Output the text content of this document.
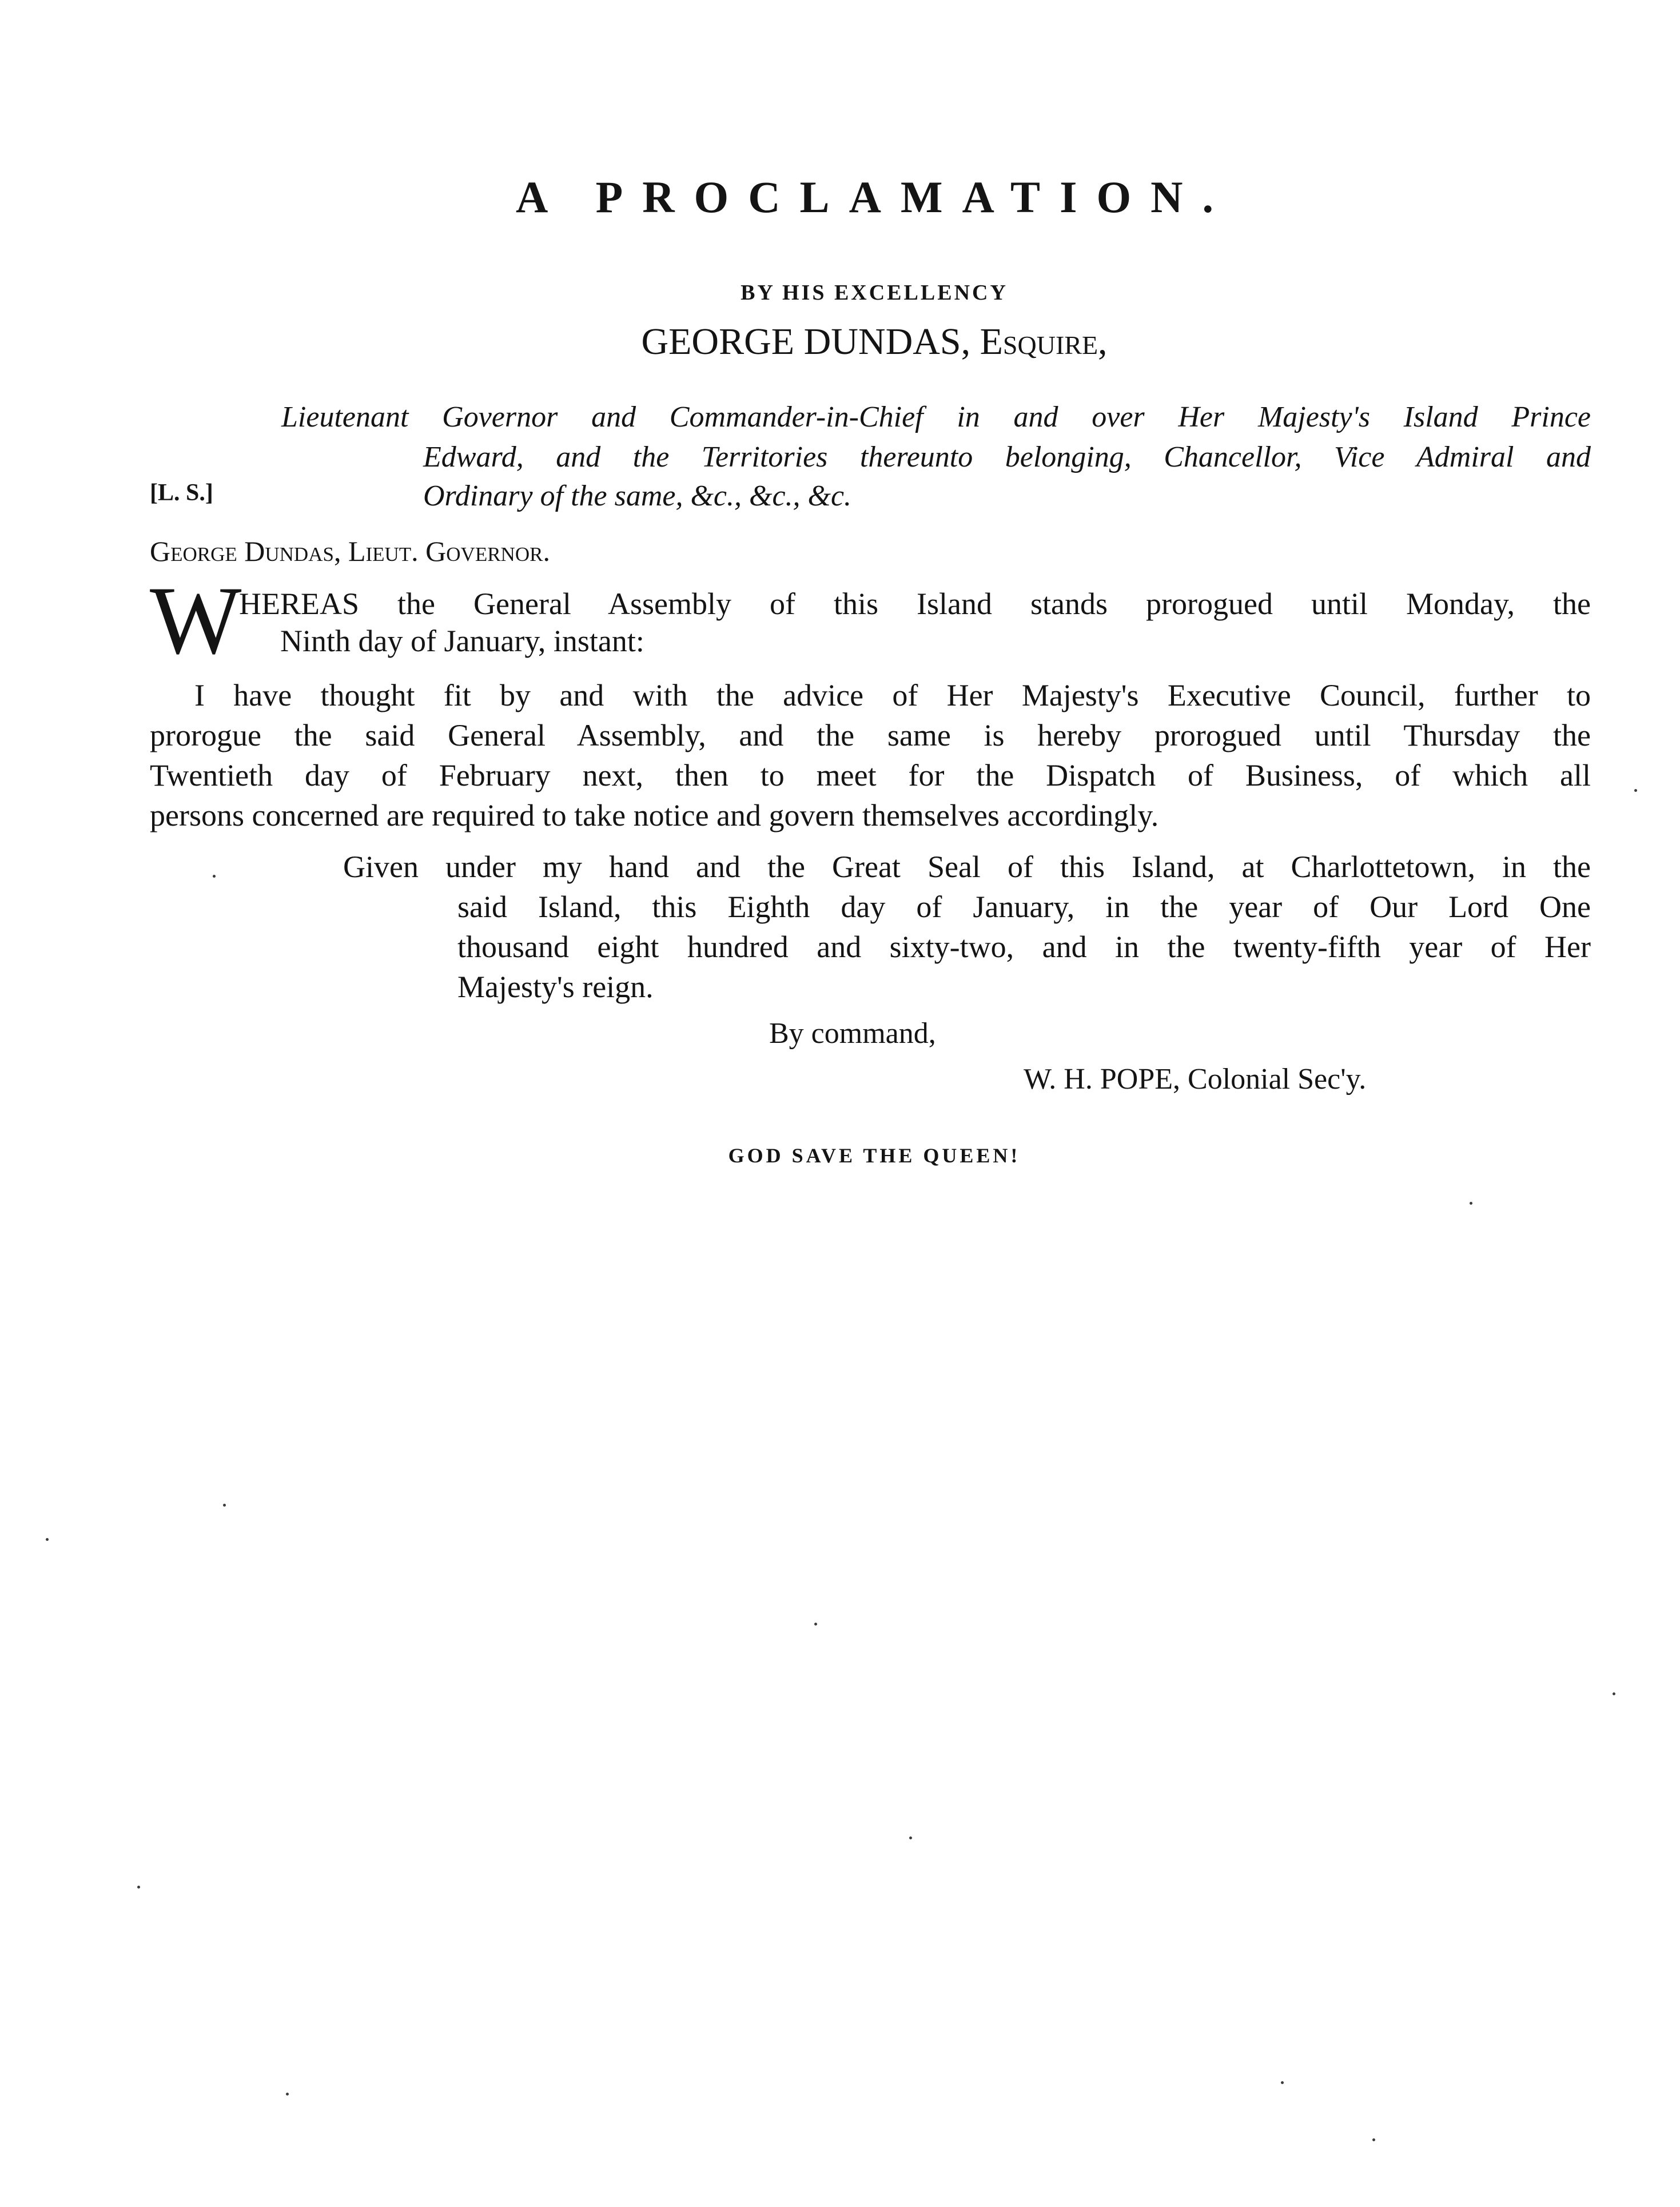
A PROCLAMATION.
BY HIS EXCELLENCY
GEORGE DUNDAS, Esquire,
Lieutenant Governor and Commander-in-Chief in and over Her Majesty's Island Prince
Edward, and the Territories thereunto belonging, Chancellor, Vice Admiral and
Ordinary of the same, &c., &c., &c.
[L. S.]
George Dundas, Lieut. Governor.
W
HEREAS the General Assembly of this Island stands prorogued until Monday, the
Ninth day of January, instant:
I have thought fit by and with the advice of Her Majesty's Executive Council, further to
prorogue the said General Assembly, and the same is hereby prorogued until Thursday the
Twentieth day of February next, then to meet for the Dispatch of Business, of which all
persons concerned are required to take notice and govern themselves accordingly.
Given under my hand and the Great Seal of this Island, at Charlottetown, in the
said Island, this Eighth day of January, in the year of Our Lord One
thousand eight hundred and sixty-two, and in the twenty-fifth year of Her
Majesty's reign.
By command,
W. H. POPE, Colonial Sec'y.
GOD SAVE THE QUEEN!
